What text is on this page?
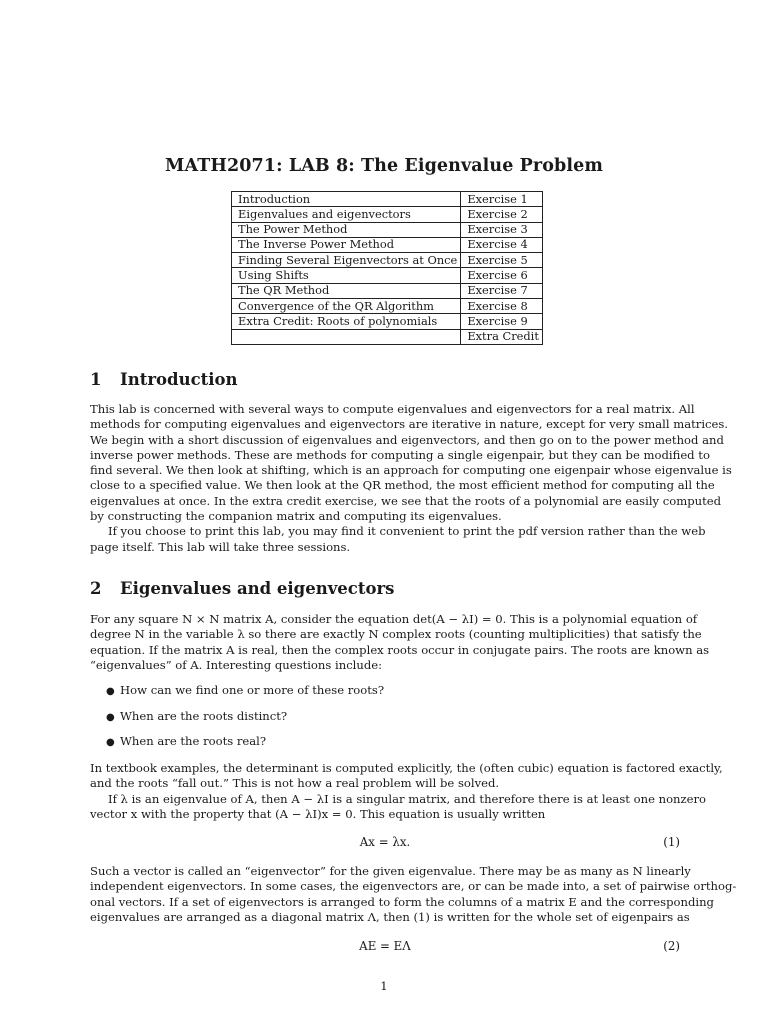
MATH2071: LAB 8: The Eigenvalue Problem
Introduction	Exercise 1
Eigenvalues and eigenvectors	Exercise 2
The Power Method	Exercise 3
The Inverse Power Method	Exercise 4
Finding Several Eigenvectors at Once	Exercise 5
Using Shifts	Exercise 6
The QR Method	Exercise 7
Convergence of the QR Algorithm	Exercise 8
Extra Credit: Roots of polynomials	Exercise 9
	Extra Credit
1 Introduction
This lab is concerned with several ways to compute eigenvalues and eigenvectors for a real matrix. All
methods for computing eigenvalues and eigenvectors are iterative in nature, except for very small matrices.
We begin with a short discussion of eigenvalues and eigenvectors, and then go on to the power method and
inverse power methods. These are methods for computing a single eigenpair, but they can be modified to
find several. We then look at shifting, which is an approach for computing one eigenpair whose eigenvalue is
close to a specified value. We then look at the QR method, the most efficient method for computing all the
eigenvalues at once. In the extra credit exercise, we see that the roots of a polynomial are easily computed
by constructing the companion matrix and computing its eigenvalues.
If you choose to print this lab, you may find it convenient to print the pdf version rather than the web
page itself. This lab will take three sessions.
2 Eigenvalues and eigenvectors
For any square N × N matrix A, consider the equation det(A − λI) = 0. This is a polynomial equation of
degree N in the variable λ so there are exactly N complex roots (counting multiplicities) that satisfy the
equation. If the matrix A is real, then the complex roots occur in conjugate pairs. The roots are known as
“eigenvalues” of A. Interesting questions include:
● How can we find one or more of these roots?
● When are the roots distinct?
● When are the roots real?
In textbook examples, the determinant is computed explicitly, the (often cubic) equation is factored exactly,
and the roots “fall out.” This is not how a real problem will be solved.
If λ is an eigenvalue of A, then A − λI is a singular matrix, and therefore there is at least one nonzero
vector x with the property that (A − λI)x = 0. This equation is usually written
Ax = λx.	(1)
Such a vector is called an “eigenvector” for the given eigenvalue. There may be as many as N linearly
independent eigenvectors. In some cases, the eigenvectors are, or can be made into, a set of pairwise orthog-
onal vectors. If a set of eigenvectors is arranged to form the columns of a matrix E and the corresponding
eigenvalues are arranged as a diagonal matrix Λ, then (1) is written for the whole set of eigenpairs as
AE = EΛ	(2)
1
